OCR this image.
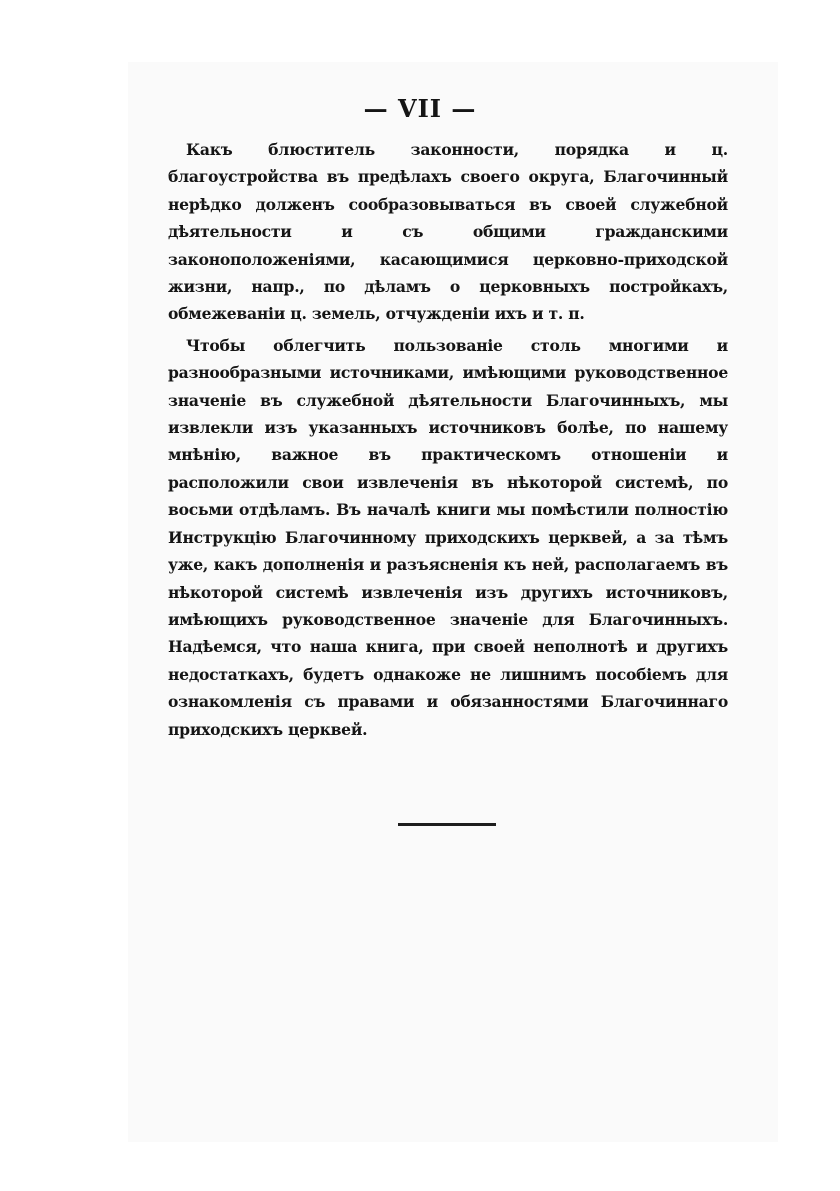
— VII —

Какъ блюститель законности, порядка и ц. благоустройства въ предѣлахъ своего округа, Благочинный нерѣдко долженъ сообразовываться въ своей служебной дѣятельности и съ общими гражданскими законоположеніями, касающимися церковно-приходской жизни, напр., по дѣламъ о церковныхъ постройкахъ, обмежеваніи ц. земель, отчужденіи ихъ и т. п.

Чтобы облегчить пользованіе столь многими и разнообразными источниками, имѣющими руководственное значеніе въ служебной дѣятельности Благочинныхъ, мы извлекли изъ указанныхъ источниковъ болѣе, по нашему мнѣнію, важное въ практическомъ отношеніи и расположили свои извлеченія въ нѣкоторой системѣ, по восьми отдѣламъ. Въ началѣ книги мы помѣстили полностію Инструкцію Благочинному приходскихъ церквей, а за тѣмъ уже, какъ дополненія и разъясненія къ ней, располагаемъ въ нѣкоторой системѣ извлеченія изъ другихъ источниковъ, имѣющихъ руководственное значеніе для Благочинныхъ. Надѣемся, что наша книга, при своей неполнотѣ и другихъ недостаткахъ, будетъ однакоже не лишнимъ пособіемъ для ознакомленія съ правами и обязанностями Благочиннаго приходскихъ церквей.
